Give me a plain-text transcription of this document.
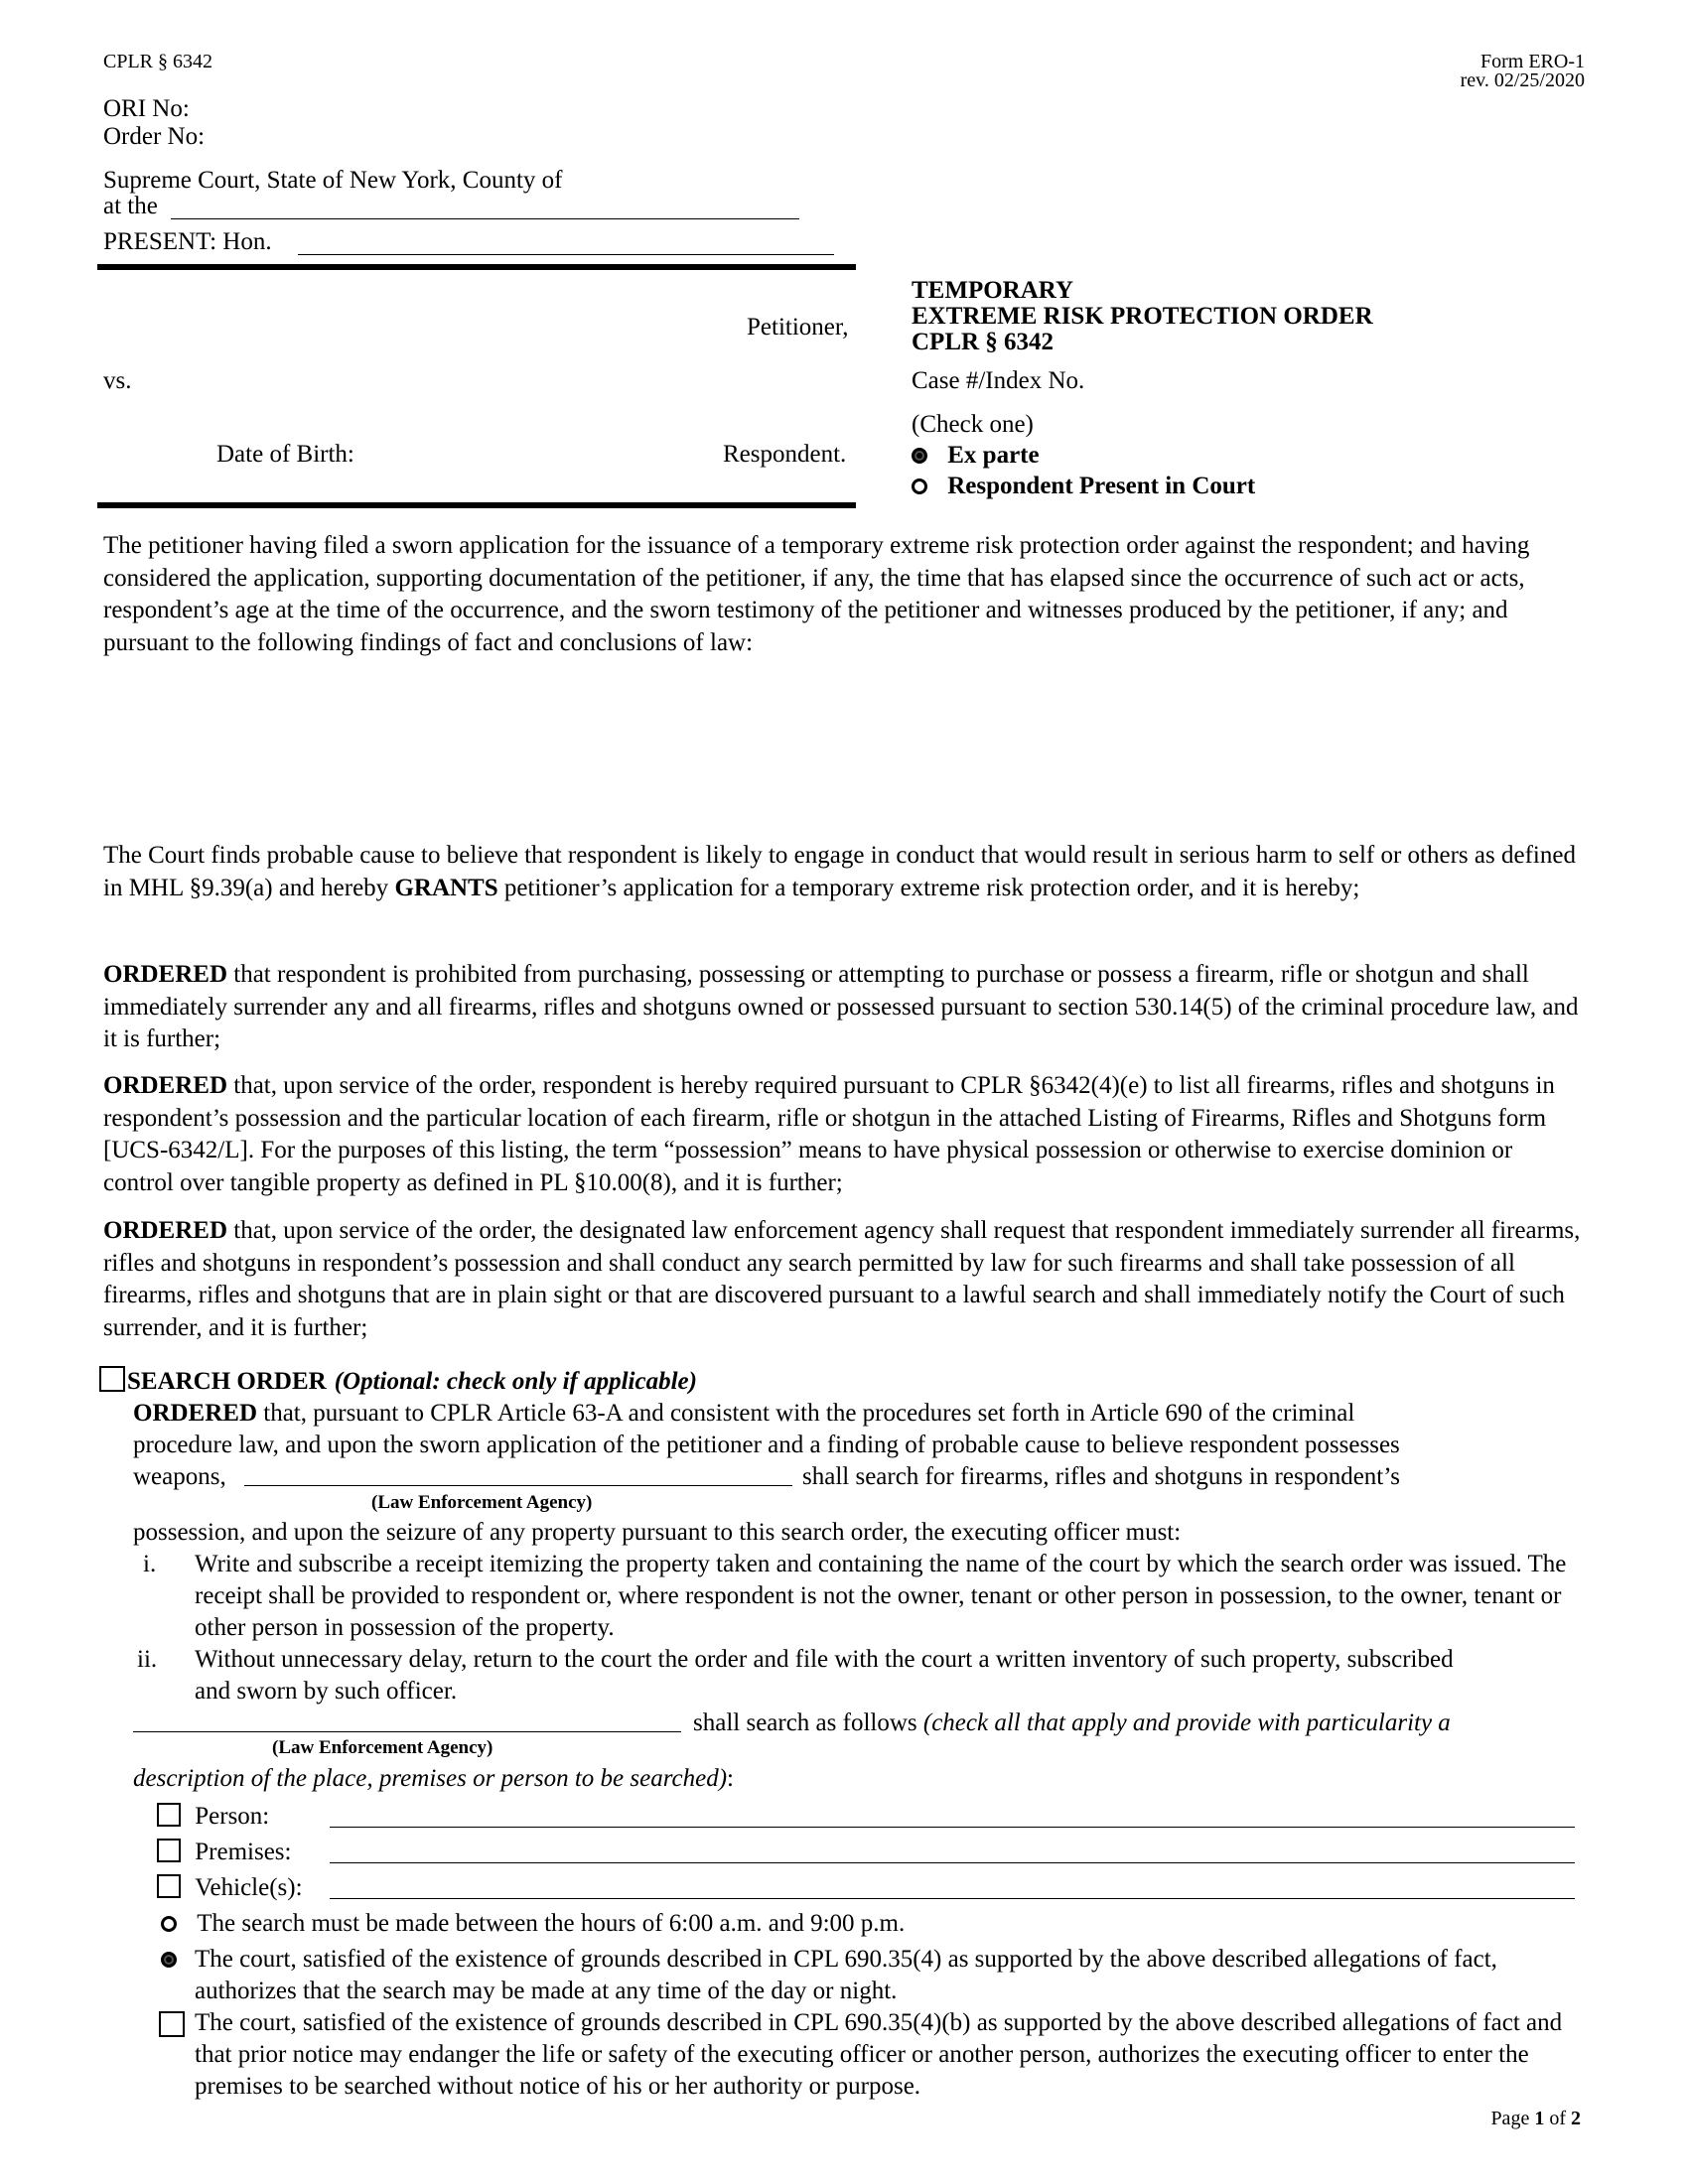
CPLR § 6342	Form ERO-1
rev. 02/25/2020
ORI No:
Order No:
Supreme Court, State of New York, County of
at the
PRESENT: Hon.
Petitioner,
vs.
Date of Birth:	Respondent.
TEMPORARY
EXTREME RISK PROTECTION ORDER
CPLR § 6342
Case #/Index No.
(Check one)
Ex parte
Respondent Present in Court

The petitioner having filed a sworn application for the issuance of a temporary extreme risk protection order against the respondent; and having considered the application, supporting documentation of the petitioner, if any, the time that has elapsed since the occurrence of such act or acts, respondent’s age at the time of the occurrence, and the sworn testimony of the petitioner and witnesses produced by the petitioner, if any; and pursuant to the following findings of fact and conclusions of law:

The Court finds probable cause to believe that respondent is likely to engage in conduct that would result in serious harm to self or others as defined in MHL §9.39(a) and hereby GRANTS petitioner’s application for a temporary extreme risk protection order, and it is hereby;

ORDERED that respondent is prohibited from purchasing, possessing or attempting to purchase or possess a firearm, rifle or shotgun and shall immediately surrender any and all firearms, rifles and shotguns owned or possessed pursuant to section 530.14(5) of the criminal procedure law, and it is further;

ORDERED that, upon service of the order, respondent is hereby required pursuant to CPLR §6342(4)(e) to list all firearms, rifles and shotguns in respondent’s possession and the particular location of each firearm, rifle or shotgun in the attached Listing of Firearms, Rifles and Shotguns form [UCS-6342/L]. For the purposes of this listing, the term “possession” means to have physical possession or otherwise to exercise dominion or control over tangible property as defined in PL §10.00(8), and it is further;

ORDERED that, upon service of the order, the designated law enforcement agency shall request that respondent immediately surrender all firearms, rifles and shotguns in respondent’s possession and shall conduct any search permitted by law for such firearms and shall take possession of all firearms, rifles and shotguns that are in plain sight or that are discovered pursuant to a lawful search and shall immediately notify the Court of such surrender, and it is further;

SEARCH ORDER (Optional: check only if applicable)
ORDERED that, pursuant to CPLR Article 63-A and consistent with the procedures set forth in Article 690 of the criminal
procedure law, and upon the sworn application of the petitioner and a finding of probable cause to believe respondent possesses
weapons,	shall search for firearms, rifles and shotguns in respondent’s
(Law Enforcement Agency)
possession, and upon the seizure of any property pursuant to this search order, the executing officer must:
i. Write and subscribe a receipt itemizing the property taken and containing the name of the court by which the search order was issued. The receipt shall be provided to respondent or, where respondent is not the owner, tenant or other person in possession, to the owner, tenant or other person in possession of the property.
ii. Without unnecessary delay, return to the court the order and file with the court a written inventory of such property, subscribed and sworn by such officer.
shall search as follows (check all that apply and provide with particularity a
(Law Enforcement Agency)
description of the place, premises or person to be searched):
Person:
Premises:
Vehicle(s):
The search must be made between the hours of 6:00 a.m. and 9:00 p.m.
The court, satisfied of the existence of grounds described in CPL 690.35(4) as supported by the above described allegations of fact, authorizes that the search may be made at any time of the day or night.
The court, satisfied of the existence of grounds described in CPL 690.35(4)(b) as supported by the above described allegations of fact and that prior notice may endanger the life or safety of the executing officer or another person, authorizes the executing officer to enter the premises to be searched without notice of his or her authority or purpose.
Page 1 of 2
